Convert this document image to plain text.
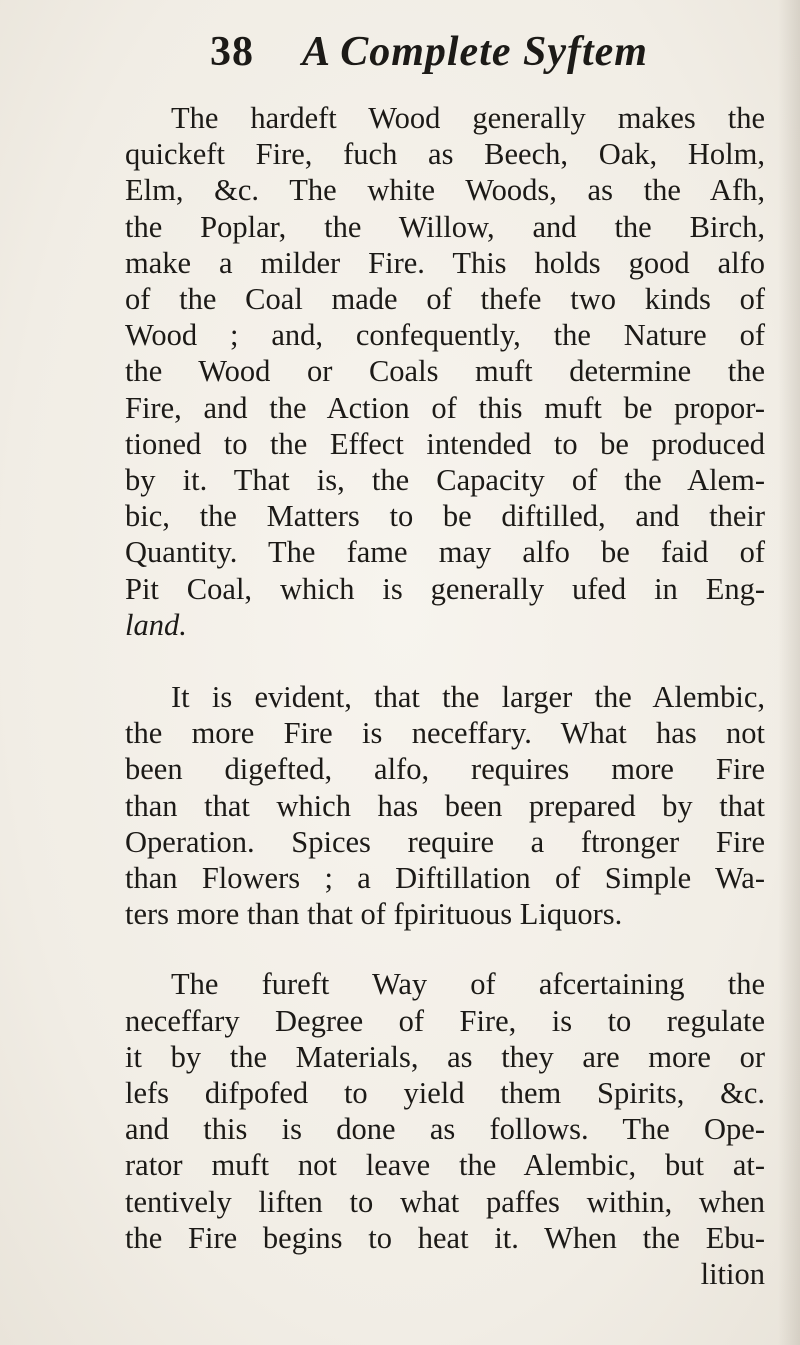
38 A Complete Syftem
The hardeft Wood generally makes the
quickeft Fire, fuch as Beech, Oak, Holm,
Elm, &c. The white Woods, as the Afh,
the Poplar, the Willow, and the Birch,
make a milder Fire. This holds good alfo
of the Coal made of thefe two kinds of
Wood ; and, confequently, the Nature of
the Wood or Coals muft determine the
Fire, and the Action of this muft be propor-
tioned to the Effect intended to be produced
by it. That is, the Capacity of the Alem-
bic, the Matters to be diftilled, and their
Quantity. The fame may alfo be faid of
Pit Coal, which is generally ufed in Eng-
land.
It is evident, that the larger the Alembic,
the more Fire is neceffary. What has not
been digefted, alfo, requires more Fire
than that which has been prepared by that
Operation. Spices require a ftronger Fire
than Flowers ; a Diftillation of Simple Wa-
ters more than that of fpirituous Liquors.
The fureft Way of afcertaining the
neceffary Degree of Fire, is to regulate
it by the Materials, as they are more or
lefs difpofed to yield them Spirits, &c.
and this is done as follows. The Ope-
rator muft not leave the Alembic, but at-
tentively liften to what paffes within, when
the Fire begins to heat it. When the Ebu-
lition
